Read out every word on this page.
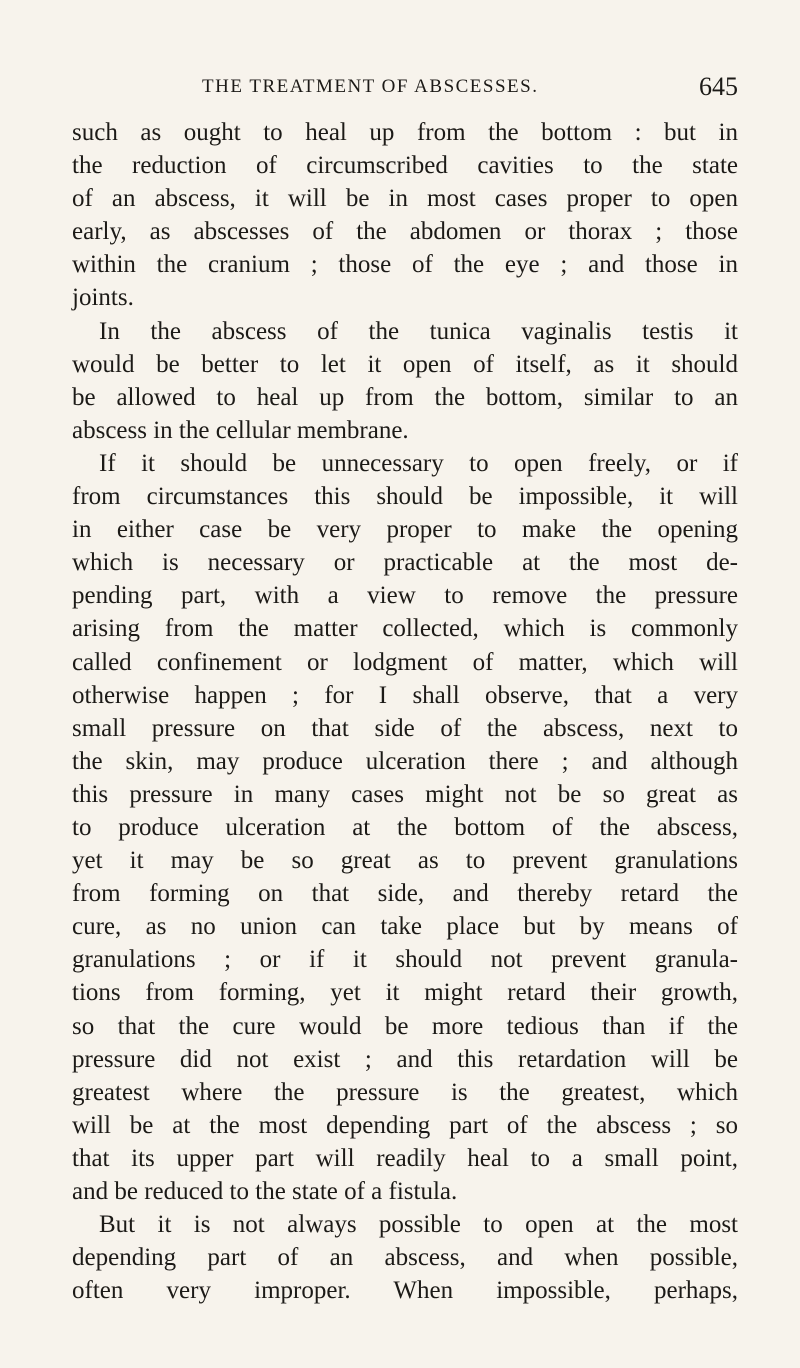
THE TREATMENT OF ABSCESSES.	645
such as ought to heal up from the bottom : but in
the reduction of circumscribed cavities to the state
of an abscess, it will be in most cases proper to open
early, as abscesses of the abdomen or thorax ; those
within the cranium ; those of the eye ; and those in
joints.
In the abscess of the tunica vaginalis testis it
would be better to let it open of itself, as it should
be allowed to heal up from the bottom, similar to an
abscess in the cellular membrane.
If it should be unnecessary to open freely, or if
from circumstances this should be impossible, it will
in either case be very proper to make the opening
which is necessary or practicable at the most de-
pending part, with a view to remove the pressure
arising from the matter collected, which is commonly
called confinement or lodgment of matter, which will
otherwise happen ; for I shall observe, that a very
small pressure on that side of the abscess, next to
the skin, may produce ulceration there ; and although
this pressure in many cases might not be so great as
to produce ulceration at the bottom of the abscess,
yet it may be so great as to prevent granulations
from forming on that side, and thereby retard the
cure, as no union can take place but by means of
granulations ; or if it should not prevent granula-
tions from forming, yet it might retard their growth,
so that the cure would be more tedious than if the
pressure did not exist ; and this retardation will be
greatest where the pressure is the greatest, which
will be at the most depending part of the abscess ; so
that its upper part will readily heal to a small point,
and be reduced to the state of a fistula.
But it is not always possible to open at the most
depending part of an abscess, and when possible,
often very improper. When impossible, perhaps,
